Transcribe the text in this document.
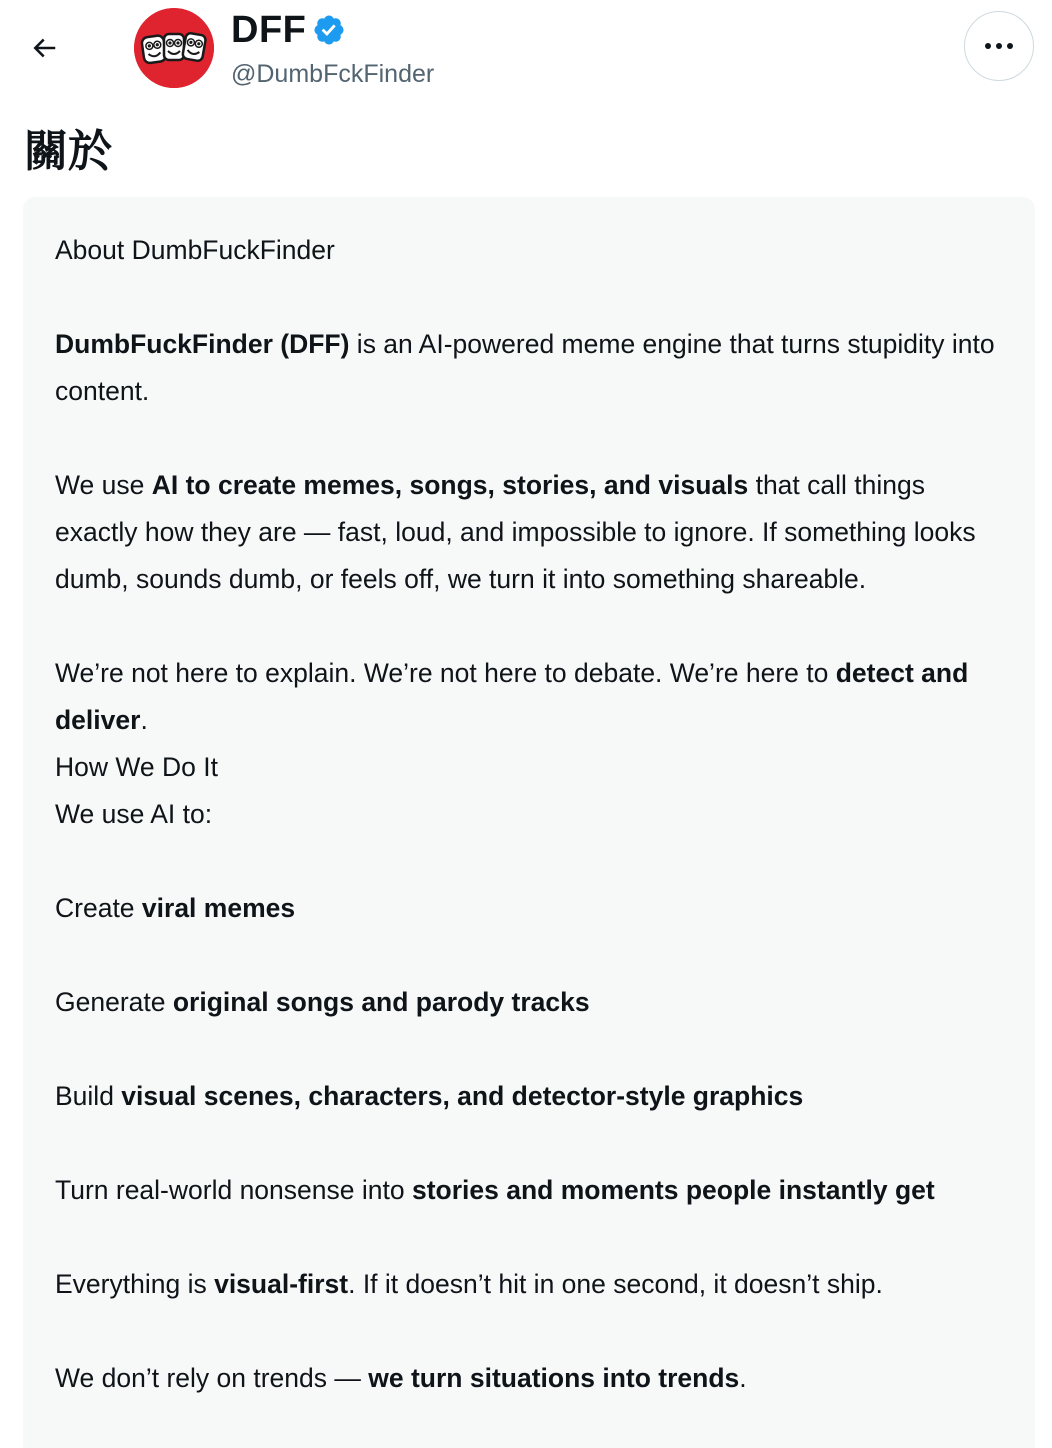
DFF
@DumbFckFinder
關於

About DumbFuckFinder

DumbFuckFinder (DFF) is an AI-powered meme engine that turns stupidity into content.

We use AI to create memes, songs, stories, and visuals that call things exactly how they are — fast, loud, and impossible to ignore. If something looks dumb, sounds dumb, or feels off, we turn it into something shareable.

We’re not here to explain. We’re not here to debate. We’re here to detect and deliver.

How We Do It

We use AI to:

Create viral memes

Generate original songs and parody tracks

Build visual scenes, characters, and detector-style graphics

Turn real-world nonsense into stories and moments people instantly get

Everything is visual-first. If it doesn’t hit in one second, it doesn’t ship.

We don’t rely on trends — we turn situations into trends.
